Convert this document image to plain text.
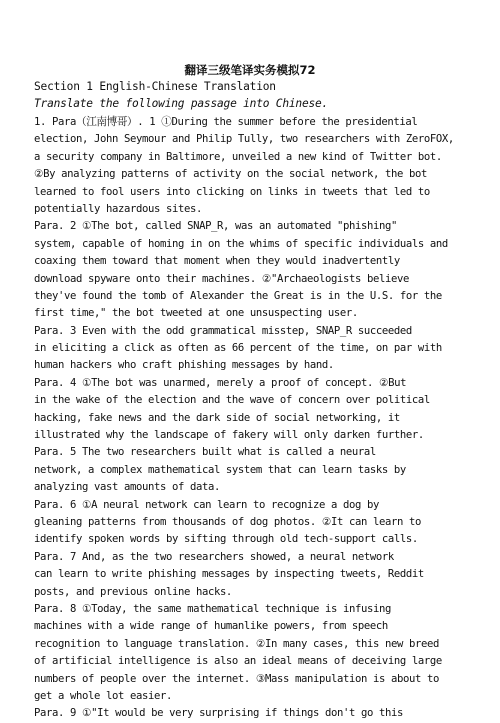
翻译三级笔译实务模拟72
Section 1 English-Chinese Translation
Translate the following passage into Chinese.
1. Para（江南博哥）. 1 ①During the summer before the presidential
election, John Seymour and Philip Tully, two researchers with ZeroFOX,
a security company in Baltimore, unveiled a new kind of Twitter bot.
②By analyzing patterns of activity on the social network, the bot
learned to fool users into clicking on links in tweets that led to
potentially hazardous sites.
Para. 2 ①The bot, called SNAP_R, was an automated "phishing"
system, capable of homing in on the whims of specific individuals and
coaxing them toward that moment when they would inadvertently
download spyware onto their machines. ②"Archaeologists believe
they've found the tomb of Alexander the Great is in the U.S. for the
first time," the bot tweeted at one unsuspecting user.
Para. 3 Even with the odd grammatical misstep, SNAP_R succeeded
in eliciting a click as often as 66 percent of the time, on par with
human hackers who craft phishing messages by hand.
Para. 4 ①The bot was unarmed, merely a proof of concept. ②But
in the wake of the election and the wave of concern over political
hacking, fake news and the dark side of social networking, it
illustrated why the landscape of fakery will only darken further.
Para. 5 The two researchers built what is called a neural
network, a complex mathematical system that can learn tasks by
analyzing vast amounts of data.
Para. 6 ①A neural network can learn to recognize a dog by
gleaning patterns from thousands of dog photos. ②It can learn to
identify spoken words by sifting through old tech-support calls.
Para. 7 And, as the two researchers showed, a neural network
can learn to write phishing messages by inspecting tweets, Reddit
posts, and previous online hacks.
Para. 8 ①Today, the same mathematical technique is infusing
machines with a wide range of humanlike powers, from speech
recognition to language translation. ②In many cases, this new breed
of artificial intelligence is also an ideal means of deceiving large
numbers of people over the internet. ③Mass manipulation is about to
get a whole lot easier.
Para. 9 ①"It would be very surprising if things don't go this
